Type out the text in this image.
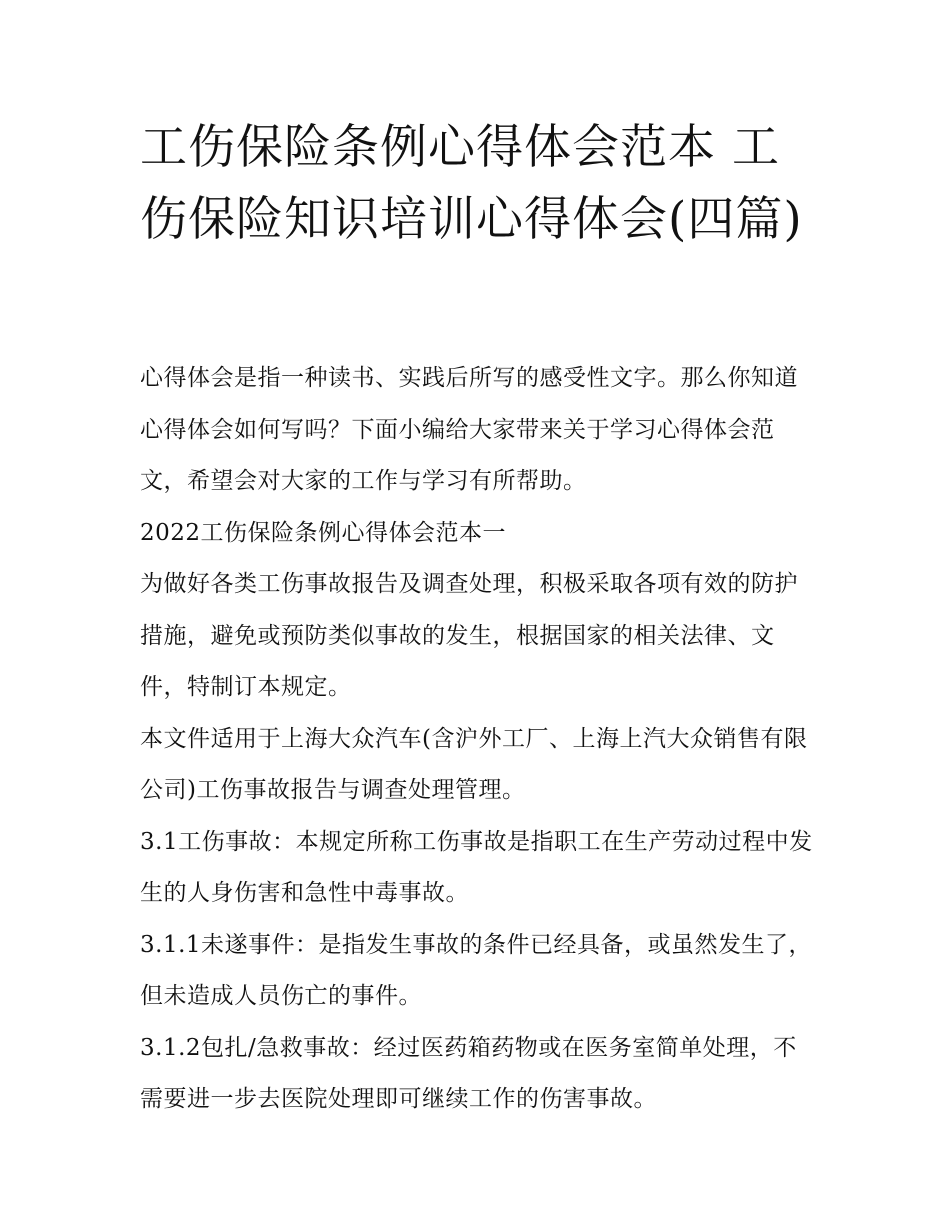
工伤保险条例心得体会范本 工伤保险知识培训心得体会(四篇)

心得体会是指一种读书、实践后所写的感受性文字。那么你知道心得体会如何写吗？下面小编给大家带来关于学习心得体会范文，希望会对大家的工作与学习有所帮助。

2022工伤保险条例心得体会范本一

为做好各类工伤事故报告及调查处理，积极采取各项有效的防护措施，避免或预防类似事故的发生，根据国家的相关法律、文件，特制订本规定。

本文件适用于上海大众汽车(含沪外工厂、上海上汽大众销售有限公司)工伤事故报告与调查处理管理。

3.1工伤事故：本规定所称工伤事故是指职工在生产劳动过程中发生的人身伤害和急性中毒事故。

3.1.1未遂事件：是指发生事故的条件已经具备，或虽然发生了，但未造成人员伤亡的事件。

3.1.2包扎/急救事故：经过医药箱药物或在医务室简单处理，不需要进一步去医院处理即可继续工作的伤害事故。
